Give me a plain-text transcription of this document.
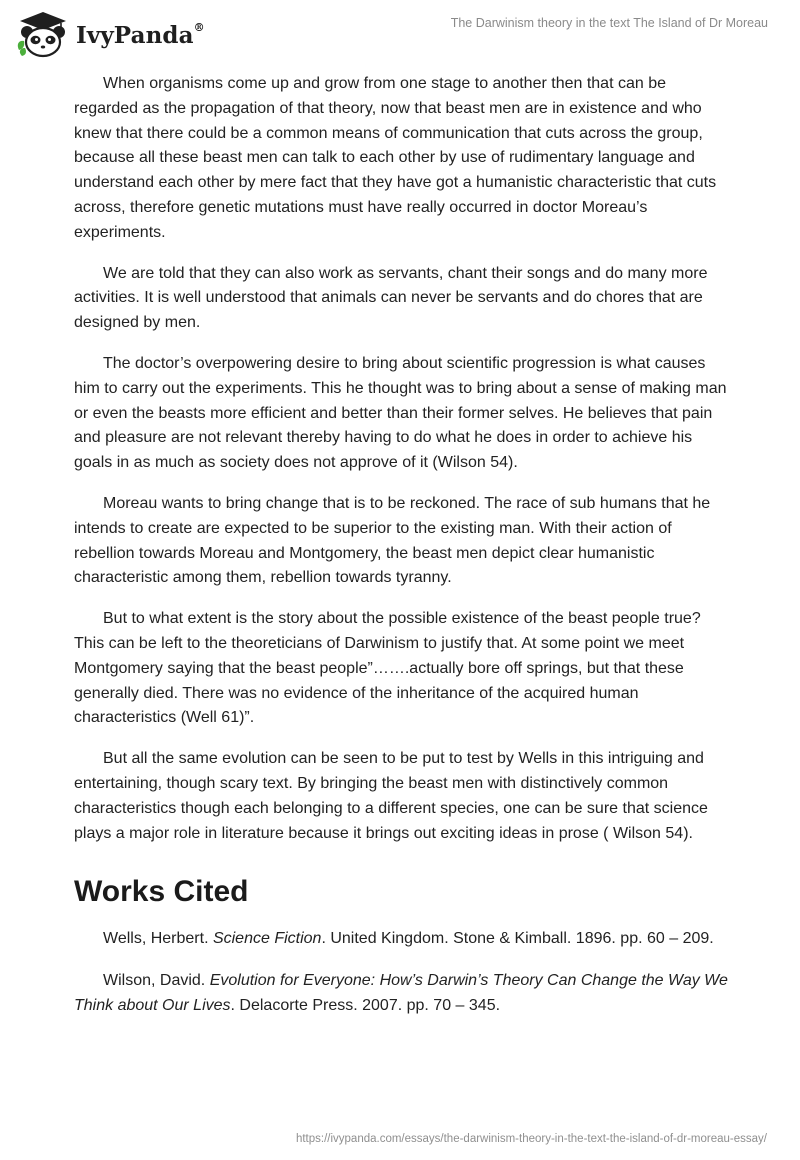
IvyPanda®	The Darwinism theory in the text The Island of Dr Moreau

When organisms come up and grow from one stage to another then that can be regarded as the propagation of that theory, now that beast men are in existence and who knew that there could be a common means of communication that cuts across the group, because all these beast men can talk to each other by use of rudimentary language and understand each other by mere fact that they have got a humanistic characteristic that cuts across, therefore genetic mutations must have really occurred in doctor Moreau’s experiments.

We are told that they can also work as servants, chant their songs and do many more activities. It is well understood that animals can never be servants and do chores that are designed by men.

The doctor’s overpowering desire to bring about scientific progression is what causes him to carry out the experiments. This he thought was to bring about a sense of making man or even the beasts more efficient and better than their former selves. He believes that pain and pleasure are not relevant thereby having to do what he does in order to achieve his goals in as much as society does not approve of it (Wilson 54).

Moreau wants to bring change that is to be reckoned. The race of sub humans that he intends to create are expected to be superior to the existing man. With their action of rebellion towards Moreau and Montgomery, the beast men depict clear humanistic characteristic among them, rebellion towards tyranny.

But to what extent is the story about the possible existence of the beast people true? This can be left to the theoreticians of Darwinism to justify that. At some point we meet Montgomery saying that the beast people”…….actually bore off springs, but that these generally died. There was no evidence of the inheritance of the acquired human characteristics (Well 61)”.

But all the same evolution can be seen to be put to test by Wells in this intriguing and entertaining, though scary text. By bringing the beast men with distinctively common characteristics though each belonging to a different species, one can be sure that science plays a major role in literature because it brings out exciting ideas in prose ( Wilson 54).

Works Cited

Wells, Herbert. Science Fiction. United Kingdom. Stone & Kimball. 1896. pp. 60 – 209.

Wilson, David. Evolution for Everyone: How’s Darwin’s Theory Can Change the Way We Think about Our Lives. Delacorte Press. 2007. pp. 70 – 345.

https://ivypanda.com/essays/the-darwinism-theory-in-the-text-the-island-of-dr-moreau-essay/
